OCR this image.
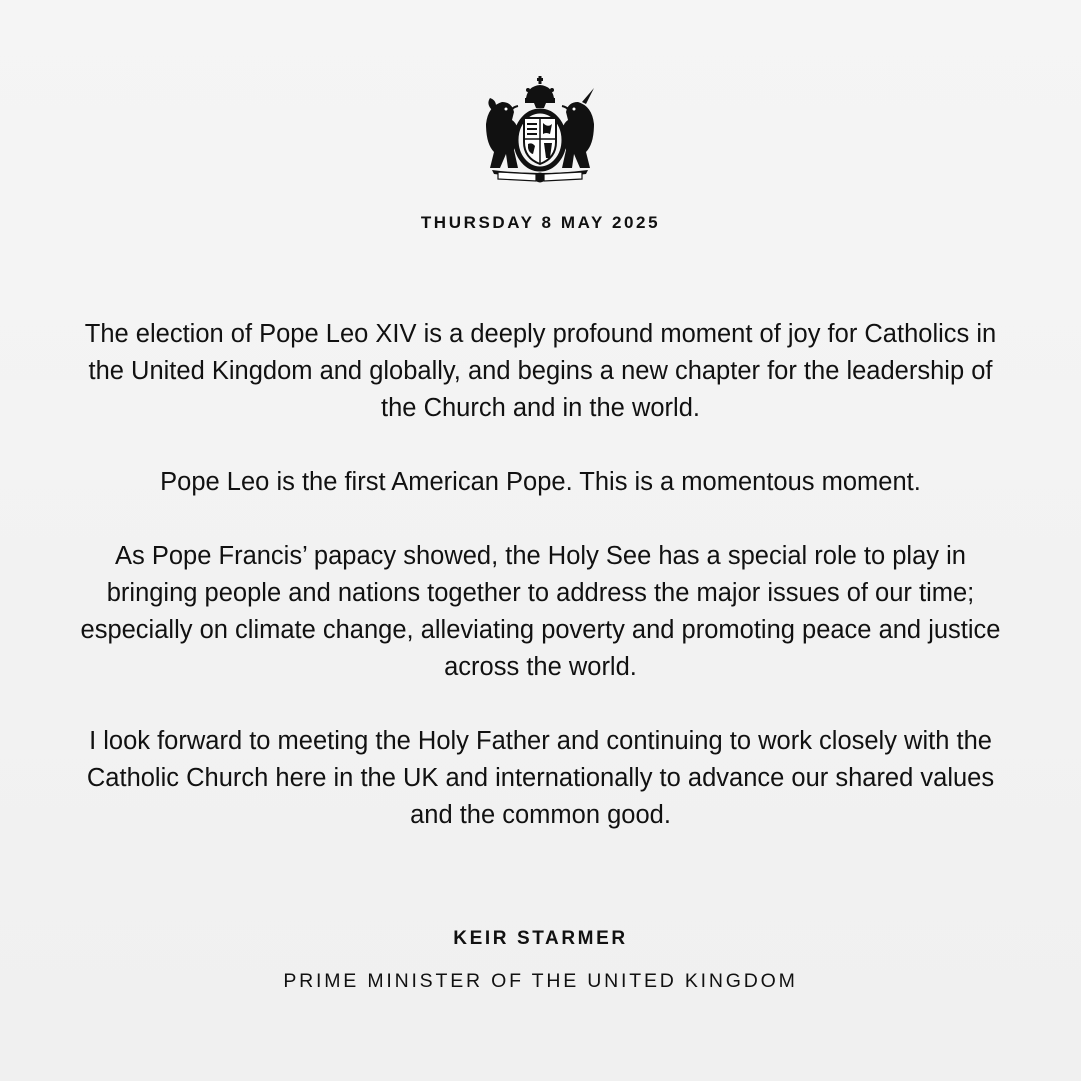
THURSDAY 8 MAY 2025

The election of Pope Leo XIV is a deeply profound moment of joy for Catholics in the United Kingdom and globally, and begins a new chapter for the leadership of the Church and in the world.

Pope Leo is the first American Pope. This is a momentous moment.

As Pope Francis’ papacy showed, the Holy See has a special role to play in bringing people and nations together to address the major issues of our time; especially on climate change, alleviating poverty and promoting peace and justice across the world.

I look forward to meeting the Holy Father and continuing to work closely with the Catholic Church here in the UK and internationally to advance our shared values and the common good.

KEIR STARMER
PRIME MINISTER OF THE UNITED KINGDOM
